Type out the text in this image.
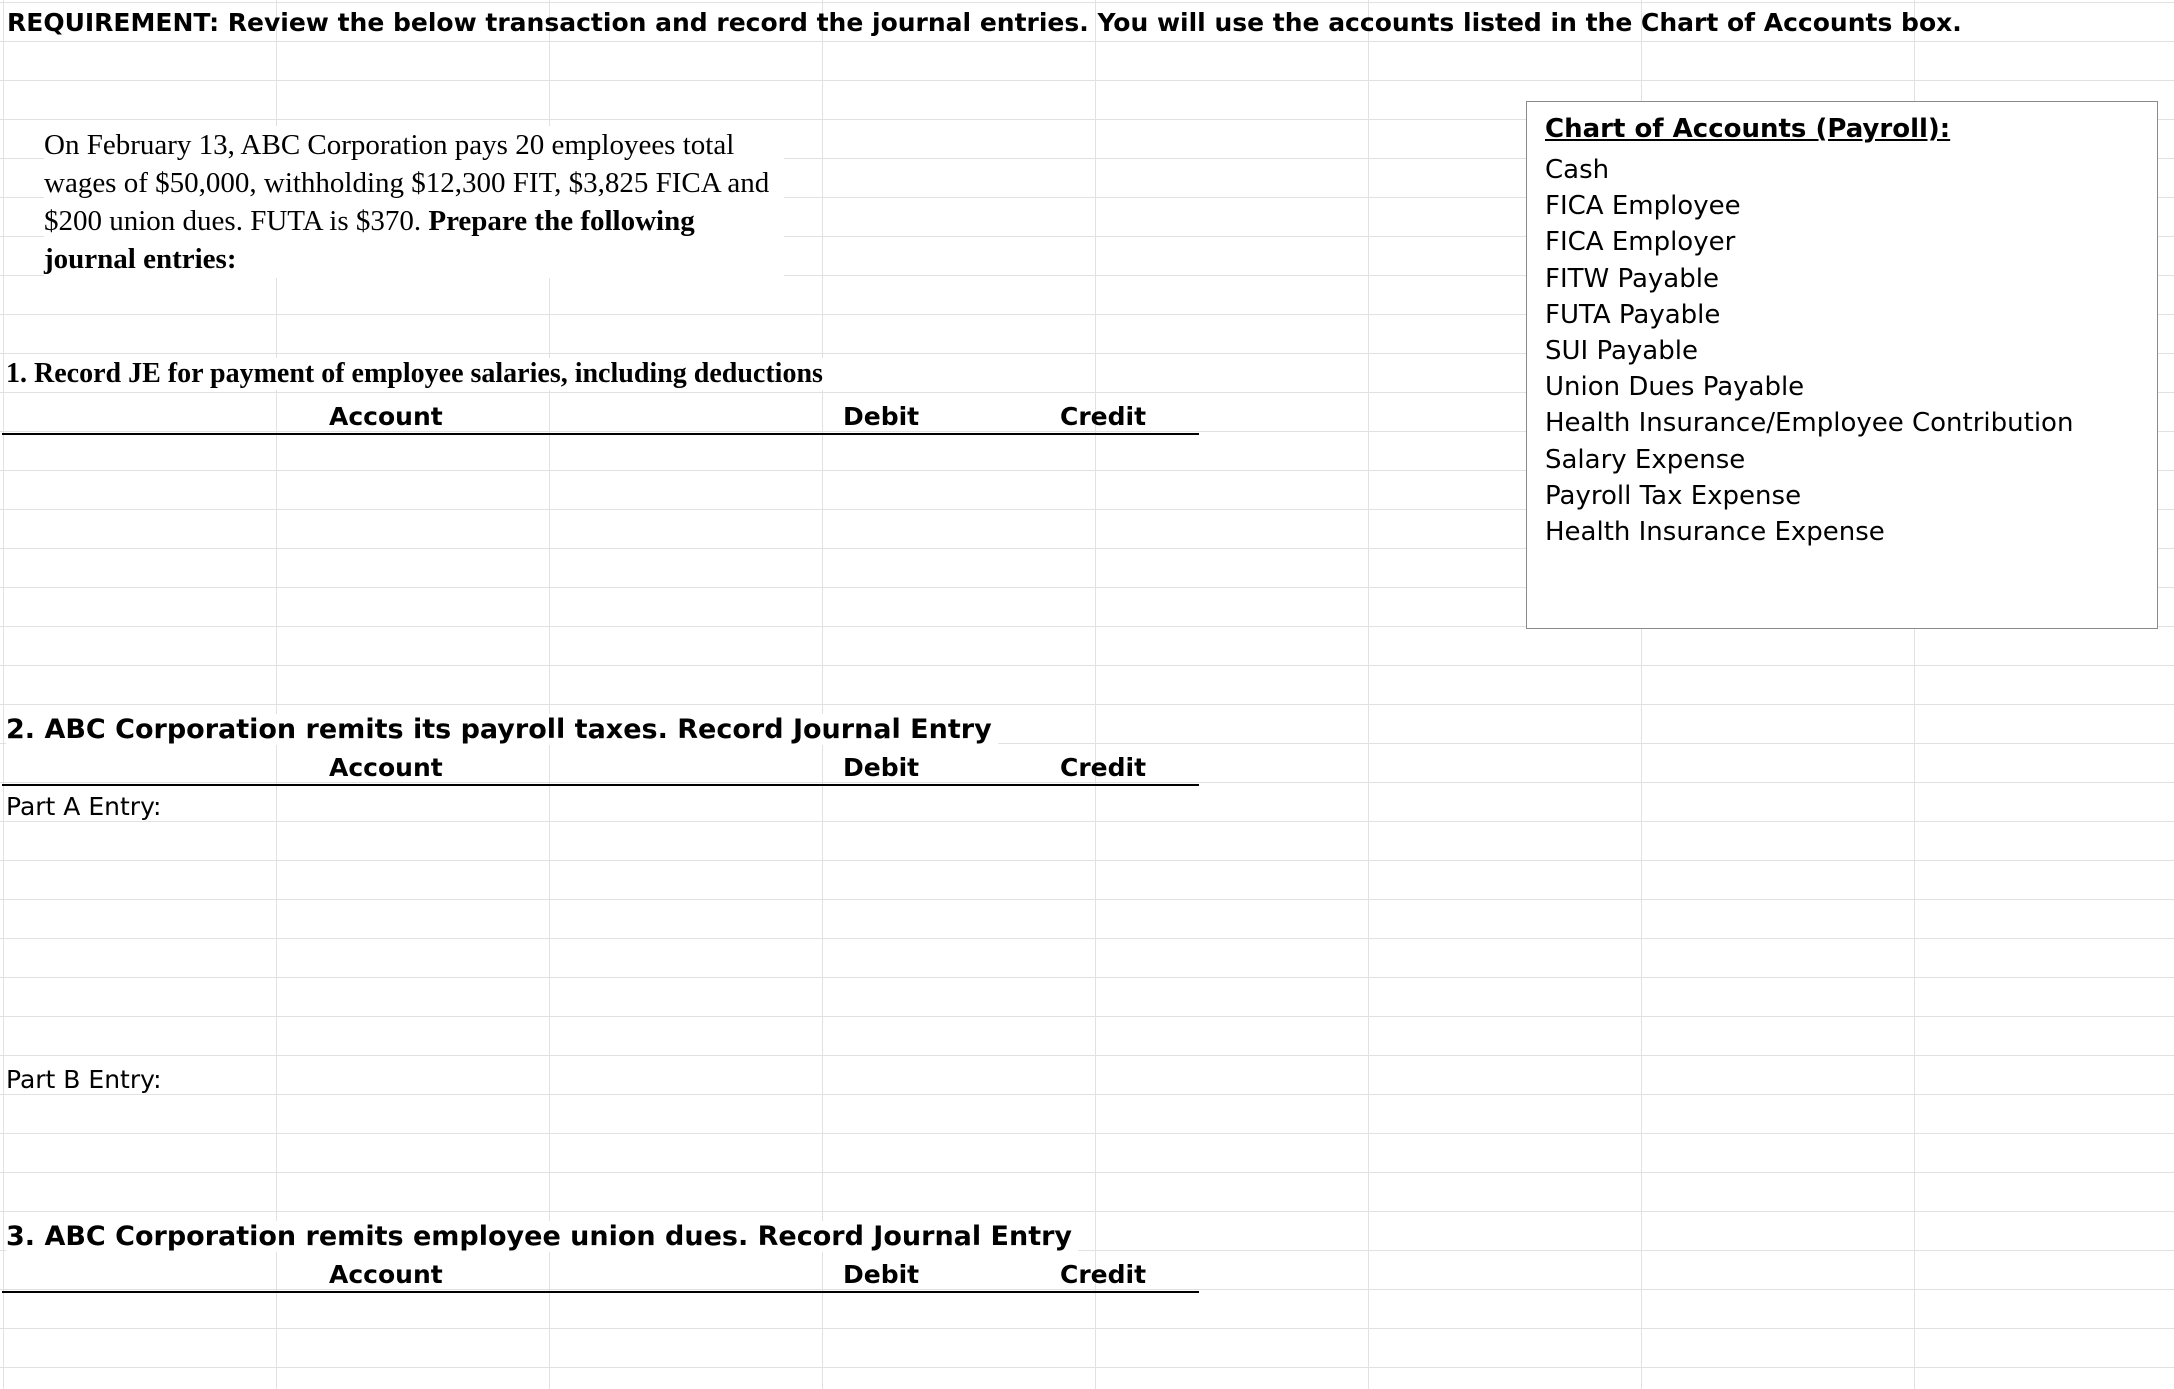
REQUIREMENT: Review the below transaction and record the journal entries. You will use the accounts listed in the Chart of Accounts box.
On February 13, ABC Corporation pays 20 employees total wages of $50,000, withholding $12,300 FIT, $3,825 FICA and $200 union dues. FUTA is $370. Prepare the following journal entries:
1. Record JE for payment of employee salaries, including deductions
Account	Debit	Credit
2. ABC Corporation remits its payroll taxes. Record Journal Entry
Account	Debit	Credit
Part A Entry:
Part B Entry:
3. ABC Corporation remits employee union dues. Record Journal Entry
Account	Debit	Credit
Chart of Accounts (Payroll):
Cash
FICA Employee
FICA Employer
FITW Payable
FUTA Payable
SUI Payable
Union Dues Payable
Health Insurance/Employee Contribution
Salary Expense
Payroll Tax Expense
Health Insurance Expense
